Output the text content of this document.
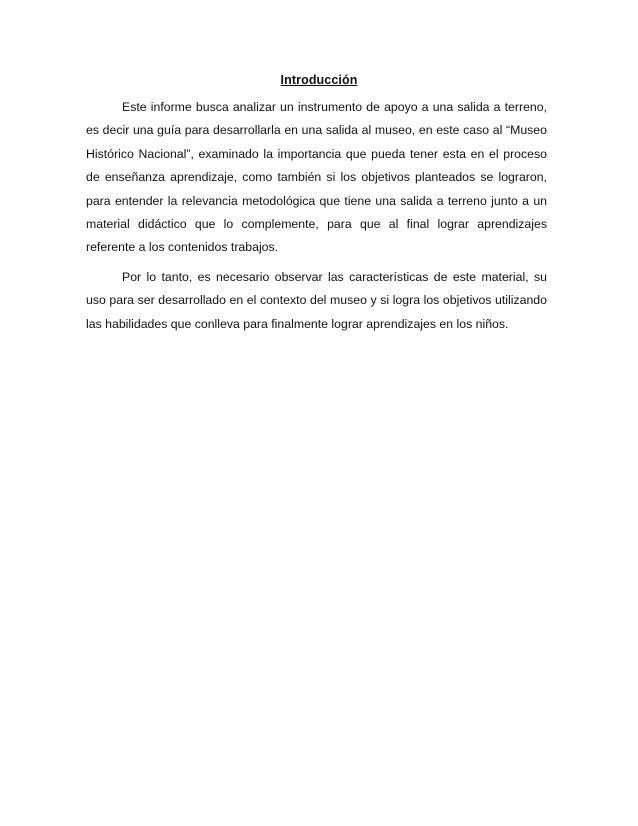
Introducción

Este informe busca analizar un instrumento de apoyo a una salida a terreno, es decir una guía para desarrollarla en una salida al museo, en este caso al “Museo Histórico Nacional”, examinado la importancia que pueda tener esta en el proceso de enseñanza aprendizaje, como también si los objetivos planteados se lograron, para entender la relevancia metodológica que tiene una salida a terreno junto a un material didáctico que lo complemente, para que al final lograr aprendizajes referente a los contenidos trabajos.

Por lo tanto, es necesario observar las características de este material, su uso para ser desarrollado en el contexto del museo y si logra los objetivos utilizando las habilidades que conlleva para finalmente lograr aprendizajes en los niños.
